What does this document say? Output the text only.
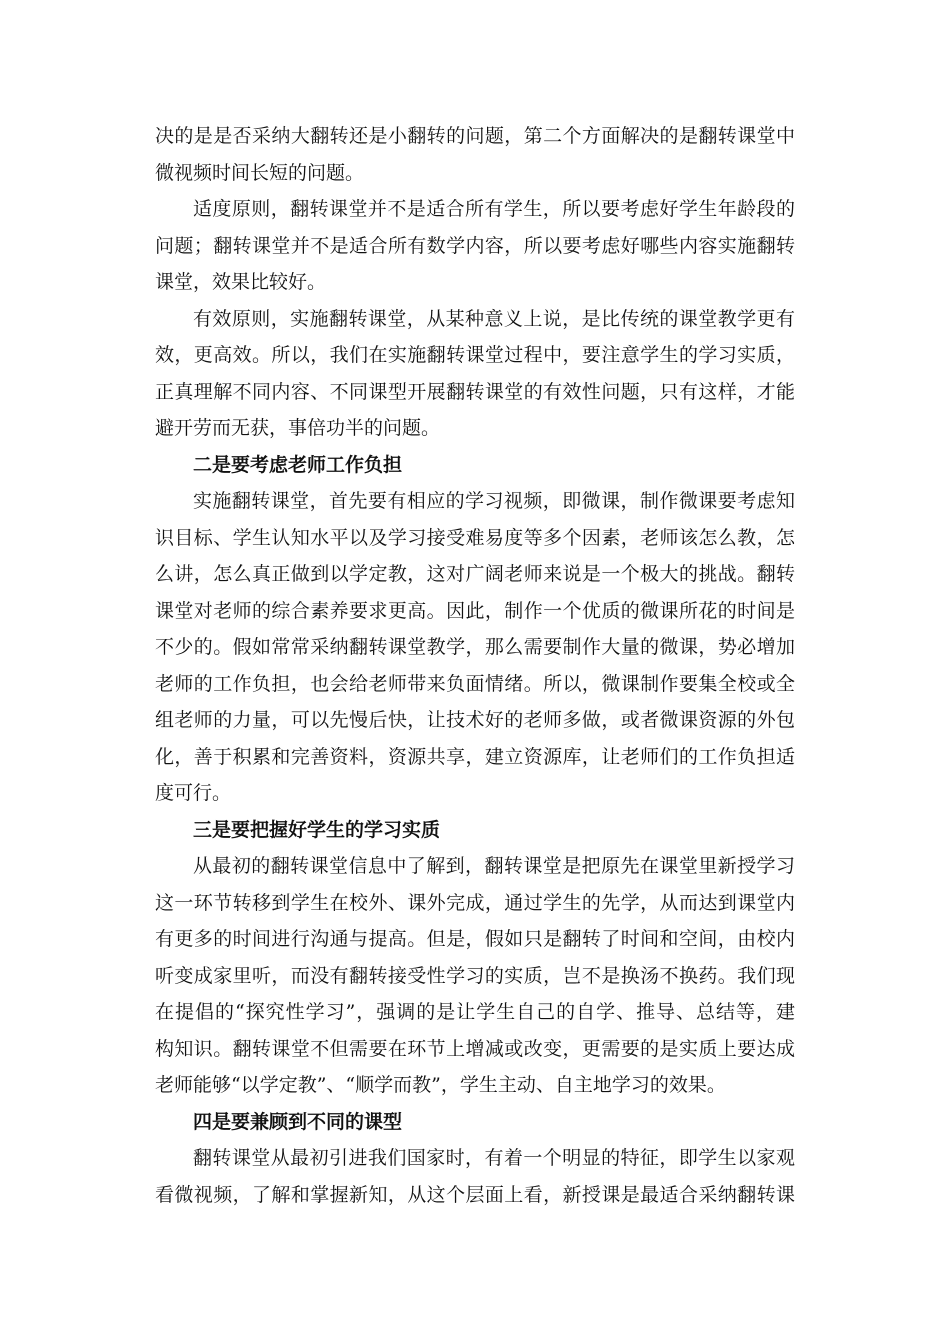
决的是是否采纳大翻转还是小翻转的问题，第二个方面解决的是翻转课堂中
微视频时间长短的问题。
适度原则，翻转课堂并不是适合所有学生，所以要考虑好学生年龄段的
问题；翻转课堂并不是适合所有数学内容，所以要考虑好哪些内容实施翻转
课堂，效果比较好。
有效原则，实施翻转课堂，从某种意义上说，是比传统的课堂教学更有
效，更高效。所以，我们在实施翻转课堂过程中，要注意学生的学习实质，
正真理解不同内容、不同课型开展翻转课堂的有效性问题，只有这样，才能
避开劳而无获，事倍功半的问题。
二是要考虑老师工作负担
实施翻转课堂，首先要有相应的学习视频，即微课，制作微课要考虑知
识目标、学生认知水平以及学习接受难易度等多个因素，老师该怎么教，怎
么讲，怎么真正做到以学定教，这对广阔老师来说是一个极大的挑战。翻转
课堂对老师的综合素养要求更高。因此，制作一个优质的微课所花的时间是
不少的。假如常常采纳翻转课堂教学，那么需要制作大量的微课，势必增加
老师的工作负担，也会给老师带来负面情绪。所以，微课制作要集全校或全
组老师的力量，可以先慢后快，让技术好的老师多做，或者微课资源的外包
化，善于积累和完善资料，资源共享，建立资源库，让老师们的工作负担适
度可行。
三是要把握好学生的学习实质
从最初的翻转课堂信息中了解到，翻转课堂是把原先在课堂里新授学习
这一环节转移到学生在校外、课外完成，通过学生的先学，从而达到课堂内
有更多的时间进行沟通与提高。但是，假如只是翻转了时间和空间，由校内
听变成家里听，而没有翻转接受性学习的实质，岂不是换汤不换药。我们现
在提倡的“探究性学习”，强调的是让学生自己的自学、推导、总结等，建
构知识。翻转课堂不但需要在环节上增减或改变，更需要的是实质上要达成
老师能够“以学定教”、“顺学而教”，学生主动、自主地学习的效果。
四是要兼顾到不同的课型
翻转课堂从最初引进我们国家时，有着一个明显的特征，即学生以家观
看微视频，了解和掌握新知，从这个层面上看，新授课是最适合采纳翻转课
